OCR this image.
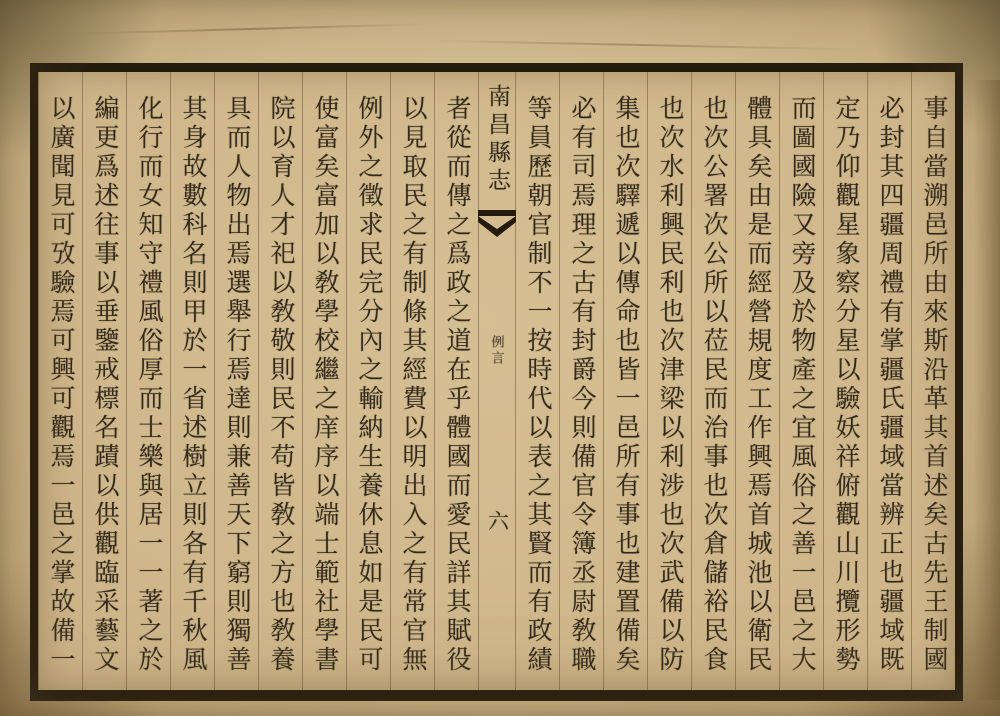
事自當溯邑所由來斯沿革其首述矣古先王制國
必封其四疆周禮有掌疆氏疆域當辨正也疆域既
定乃仰觀星象察分星以驗妖祥俯觀山川攬形勢
而圖國險又旁及於物產之宜風俗之善一邑之大
體具矣由是而經營規度工作興焉首城池以衛民
也次公署次公所以莅民而治事也次倉儲裕民食
也次水利興民利也次津梁以利涉也次武備以防
集也次驛遞以傳命也皆一邑所有事也建置備矣
必有司焉理之古有封爵今則備官令簿丞尉敎職
等員歷朝官制不一按時代以表之其賢而有政績
南昌縣志
例言
六
者從而傳之爲政之道在乎體國而愛民詳其賦役
以見取民之有制條其經費以明出入之有常官無
例外之徵求民完分內之輸納生養休息如是民可
使富矣富加以敎學校繼之庠序以端士範社學書
院以育人才祀以敎敬則民不苟皆敎之方也敎養
具而人物出焉選舉行焉達則兼善天下窮則獨善
其身故數科名則甲於一省述樹立則各有千秋風
化行而女知守禮風俗厚而士樂與居一一著之於
編更爲述往事以垂鑒戒標名蹟以供觀臨采藝文
以廣聞見可攷驗焉可興可觀焉一邑之掌故備一
